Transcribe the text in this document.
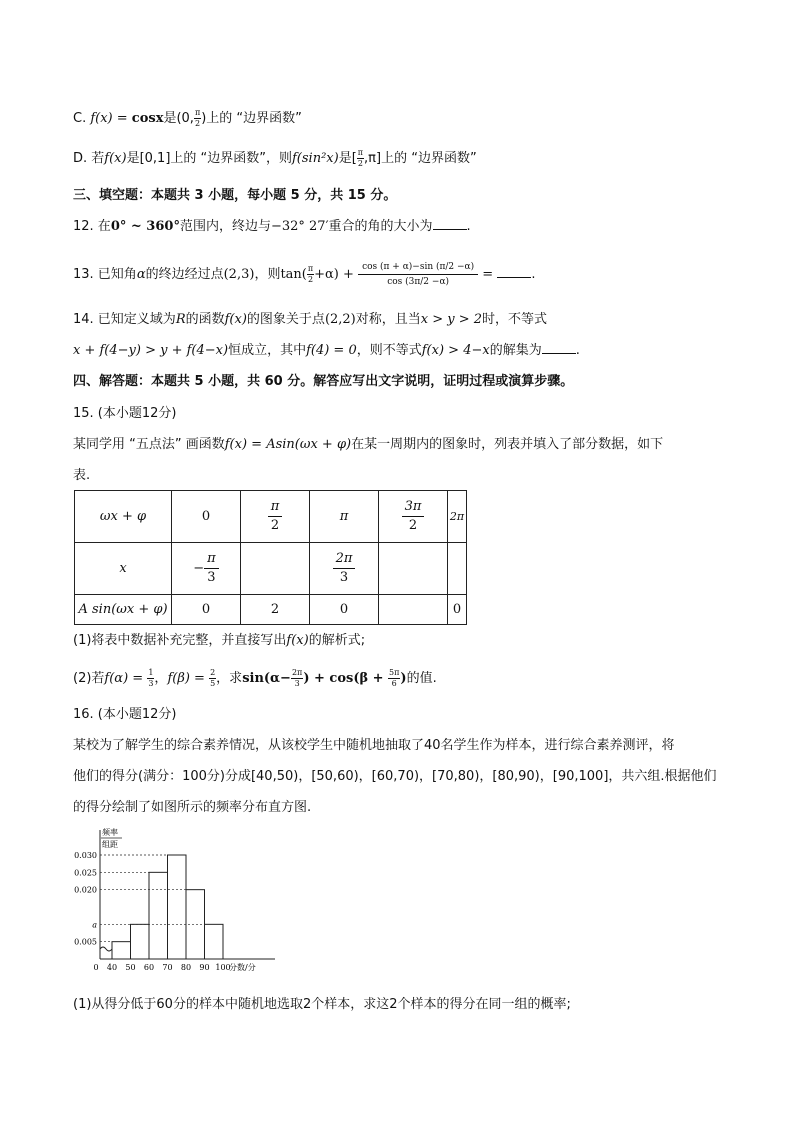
C. f(x) = cosx是(0, $\frac{\pi}{2}$ )上的 “边界函数”
D. 若f(x)是[0,1]上的 “边界函数”，则f(sin²x)是[ $\frac{\pi}{2} ,\pi$]上的 “边界函数”
三、填空题：本题共 3 小题，每小题 5 分，共 15 分。
12. 在0° ~ 360°范围内，终边与−32° 27′重合的角的大小为	.
13. 已知角α的终边经过点(2,3)，则$\tan( \frac{\pi}{2} +\alpha) + \frac{\cos (\pi + \alpha)-\sin (\pi/2 -\alpha)}{\cos (3\pi/2 -\alpha)}$ =	.
14. 已知定义域为R的函数f(x)的图象关于点(2,2)对称，且当x > y > 2时，不等式
x + f(4−y) > y + f(4−x)恒成立，其中f(4) = 0，则不等式f(x) > 4−x的解集为	.
四、解答题：本题共 5 小题，共 60 分。解答应写出文字说明，证明过程或演算步骤。
15. (本小题12分)
某同学用 “五点法” 画函数f(x) = Asin(ωx + φ)在某一周期内的图象时，列表并填入了部分数据，如下
表.
ωx + φ	0	$\frac{\pi}{2}$	π	$\frac{3\pi}{2}$	2π
x	− $\frac{\pi}{3}$		$\frac{2\pi}{3}$

A sin(ωx + φ)	0	2	0		0
(1)将表中数据补充完整，并直接写出f(x)的解析式;
(2)若$f(\alpha) = \frac{1}{3}$ ，$f(\beta) = \frac{2}{5}$ ，求$\sin(\alpha- \frac{2\pi}{3}$ ) + $\cos(\beta + \frac{5\pi}{6}$ )的值.
16. (本小题12分)
某校为了解学生的综合素养情况，从该校学生中随机地抽取了40名学生作为样本，进行综合素养测评，将
他们的得分(满分：100分)分成[40,50)，[50,60)，[60,70)，[70,80)，[80,90)，[90,100]，共六组.根据他们
的得分绘制了如图所示的频率分布直方图.
频率
组距
0.030
0.025
0.020
a
0.005
40 50 60 70 80 90 100
0	分数/分
(1)从得分低于60分的样本中随机地选取2个样本，求这2个样本的得分在同一组的概率;
